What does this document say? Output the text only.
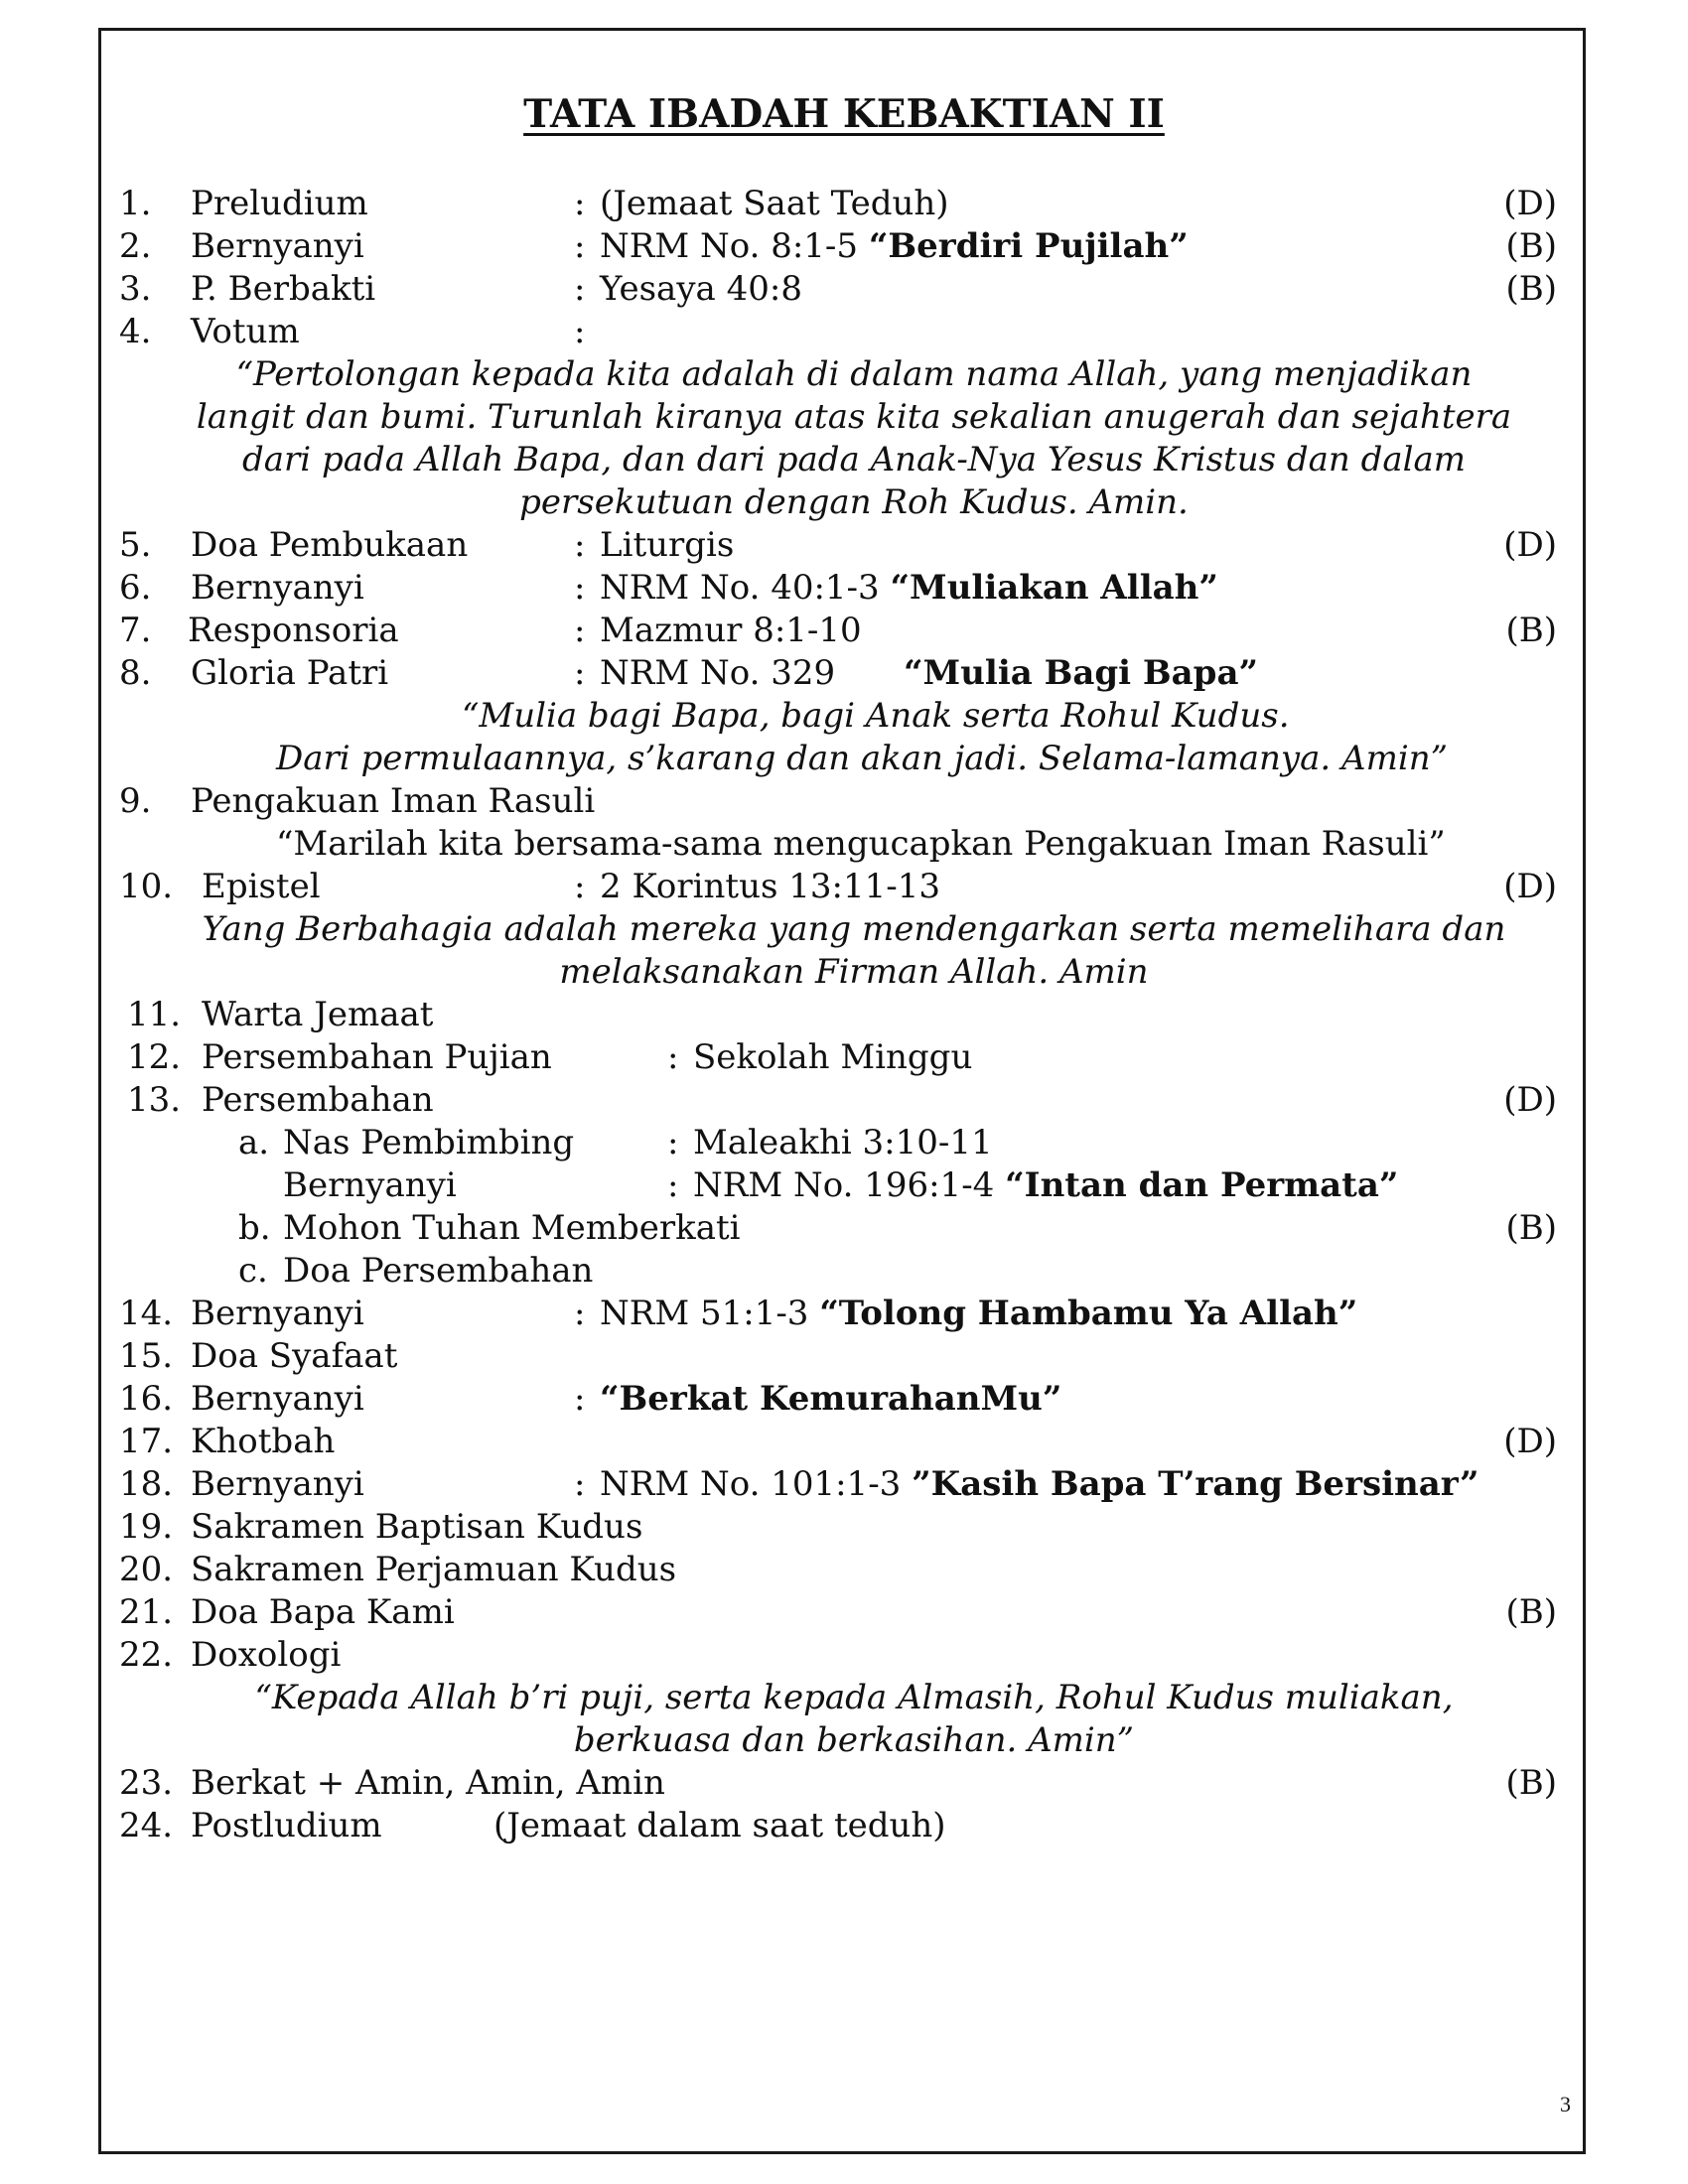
TATA IBADAH KEBAKTIAN II
1. Preludium	: (Jemaat Saat Teduh)	(D)
2. Bernyanyi	: NRM No. 8:1-5 “Berdiri Pujilah”	(B)
3. P. Berbakti	: Yesaya 40:8	(B)
4. Votum	:
“Pertolongan kepada kita adalah di dalam nama Allah, yang menjadikan
langit dan bumi. Turunlah kiranya atas kita sekalian anugerah dan sejahtera
dari pada Allah Bapa, dan dari pada Anak-Nya Yesus Kristus dan dalam
persekutuan dengan Roh Kudus. Amin.
5. Doa Pembukaan	: Liturgis	(D)
6. Bernyanyi	: NRM No. 40:1-3 “Muliakan Allah”
7. Responsoria	: Mazmur 8:1-10	(B)
8. Gloria Patri	: NRM No. 329 “Mulia Bagi Bapa”
“Mulia bagi Bapa, bagi Anak serta Rohul Kudus.
Dari permulaannya, s’karang dan akan jadi. Selama-lamanya. Amin”
9. Pengakuan Iman Rasuli
“Marilah kita bersama-sama mengucapkan Pengakuan Iman Rasuli”
10. Epistel	: 2 Korintus 13:11-13	(D)
Yang Berbahagia adalah mereka yang mendengarkan serta memelihara dan
melaksanakan Firman Allah. Amin
11. Warta Jemaat
12. Persembahan Pujian	: Sekolah Minggu
13. Persembahan	(D)
a. Nas Pembimbing	: Maleakhi 3:10-11
Bernyanyi	: NRM No. 196:1-4 “Intan dan Permata”
b. Mohon Tuhan Memberkati	(B)
c. Doa Persembahan
14. Bernyanyi	: NRM 51:1-3 “Tolong Hambamu Ya Allah”
15. Doa Syafaat
16. Bernyanyi	: “Berkat KemurahanMu”
17. Khotbah	(D)
18. Bernyanyi	: NRM No. 101:1-3 ”Kasih Bapa T’rang Bersinar”
19. Sakramen Baptisan Kudus
20. Sakramen Perjamuan Kudus
21. Doa Bapa Kami	(B)
22. Doxologi
“Kepada Allah b’ri puji, serta kepada Almasih, Rohul Kudus muliakan,
berkuasa dan berkasihan. Amin”
23. Berkat + Amin, Amin, Amin	(B)
24. Postludium	(Jemaat dalam saat teduh)
3
